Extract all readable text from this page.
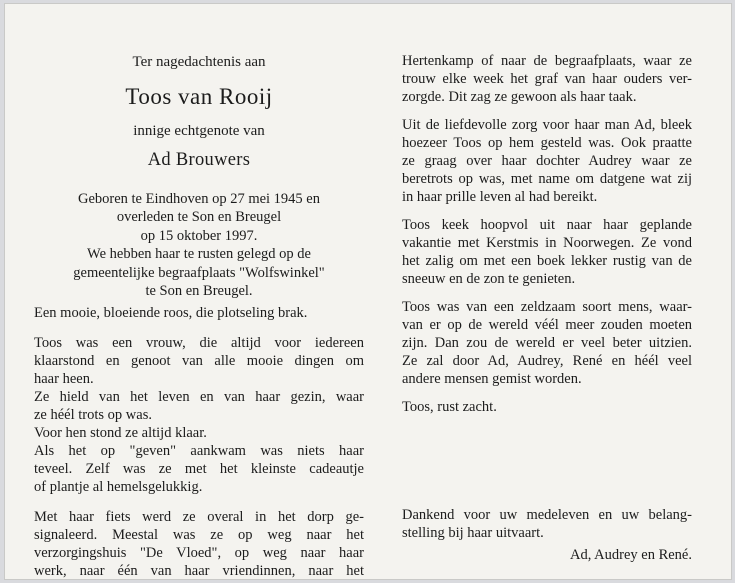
Ter nagedachtenis aan
Toos van Rooij
innige echtgenote van
Ad Brouwers
Geboren te Eindhoven op 27 mei 1945 en
overleden te Son en Breugel
op 15 oktober 1997.
We hebben haar te rusten gelegd op de
gemeentelijke begraafplaats "Wolfswinkel"
te Son en Breugel.
Een mooie, bloeiende roos, die plotseling brak.
Toos was een vrouw, die altijd voor iedereen
klaarstond en genoot van alle mooie dingen om
haar heen.
Ze hield van het leven en van haar gezin, waar
ze héél trots op was.
Voor hen stond ze altijd klaar.
Als het op "geven" aankwam was niets haar
teveel. Zelf was ze met het kleinste cadeautje
of plantje al hemelsgelukkig.
Met haar fiets werd ze overal in het dorp ge-
signaleerd. Meestal was ze op weg naar het
verzorgingshuis "De Vloed", op weg naar haar
werk, naar één van haar vriendinnen, naar het
Hertenkamp of naar de begraafplaats, waar ze
trouw elke week het graf van haar ouders ver-
zorgde. Dit zag ze gewoon als haar taak.
Uit de liefdevolle zorg voor haar man Ad, bleek
hoezeer Toos op hem gesteld was. Ook praatte
ze graag over haar dochter Audrey waar ze
beretrots op was, met name om datgene wat zij
in haar prille leven al had bereikt.
Toos keek hoopvol uit naar haar geplande
vakantie met Kerstmis in Noorwegen. Ze vond
het zalig om met een boek lekker rustig van de
sneeuw en de zon te genieten.
Toos was van een zeldzaam soort mens, waar-
van er op de wereld véél meer zouden moeten
zijn. Dan zou de wereld er veel beter uitzien.
Ze zal door Ad, Audrey, René en héél veel
andere mensen gemist worden.
Toos, rust zacht.
Dankend voor uw medeleven en uw belang-
stelling bij haar uitvaart.
Ad, Audrey en René.
